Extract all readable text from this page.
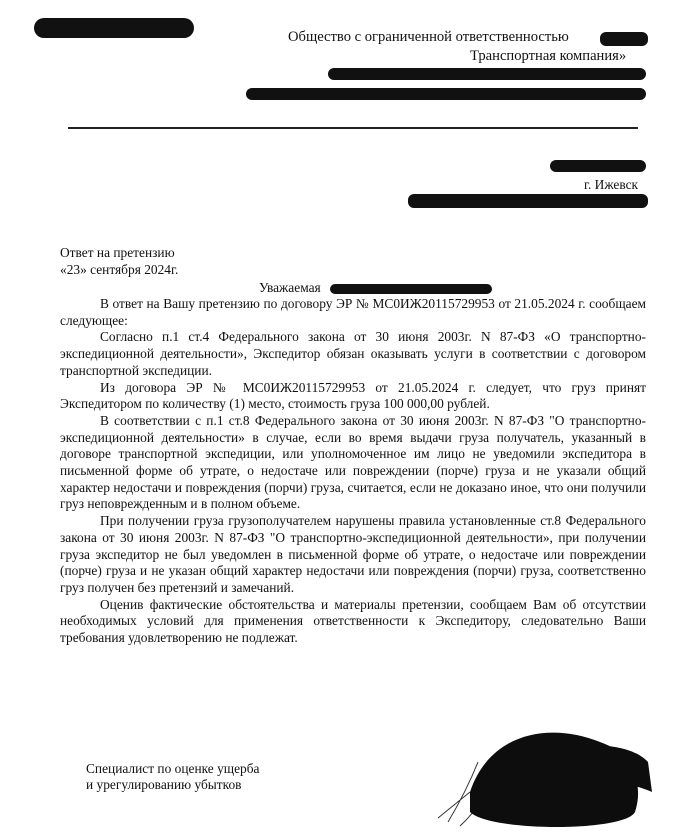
Общество с ограниченной ответственностью
Транспортная компания»
г. Ижевск
Ответ на претензию
«23» сентября 2024г.
Уважаемая

В ответ на Вашу претензию по договору ЭР № МС0ИЖ20115729953 от 21.05.2024 г. сообщаем следующее:

Согласно п.1 ст.4 Федерального закона от 30 июня 2003г. N 87-ФЗ «О транспортно-экспедиционной деятельности», Экспедитор обязан оказывать услуги в соответствии с договором транспортной экспедиции.

Из договора ЭР № МС0ИЖ20115729953 от 21.05.2024 г. следует, что груз принят Экспедитором по количеству (1) место, стоимость груза 100 000,00 рублей.

В соответствии с п.1 ст.8 Федерального закона от 30 июня 2003г. N 87-ФЗ "О транспортно-экспедиционной деятельности» в случае, если во время выдачи груза получатель, указанный в договоре транспортной экспедиции, или уполномоченное им лицо не уведомили экспедитора в письменной форме об утрате, о недостаче или повреждении (порче) груза и не указали общий характер недостачи и повреждения (порчи) груза, считается, если не доказано иное, что они получили груз неповрежденным и в полном объеме.

При получении груза грузополучателем нарушены правила установленные ст.8 Федерального закона от 30 июня 2003г. N 87-ФЗ "О транспортно-экспедиционной деятельности», при получении груза экспедитор не был уведомлен в письменной форме об утрате, о недостаче или повреждении (порче) груза и не указан общий характер недостачи или повреждения (порчи) груза, соответственно груз получен без претензий и замечаний.

Оценив фактические обстоятельства и материалы претензии, сообщаем Вам об отсутствии необходимых условий для применения ответственности к Экспедитору, следовательно Ваши требования удовлетворению не подлежат.

Специалист по оценке ущерба
и урегулированию убытков
